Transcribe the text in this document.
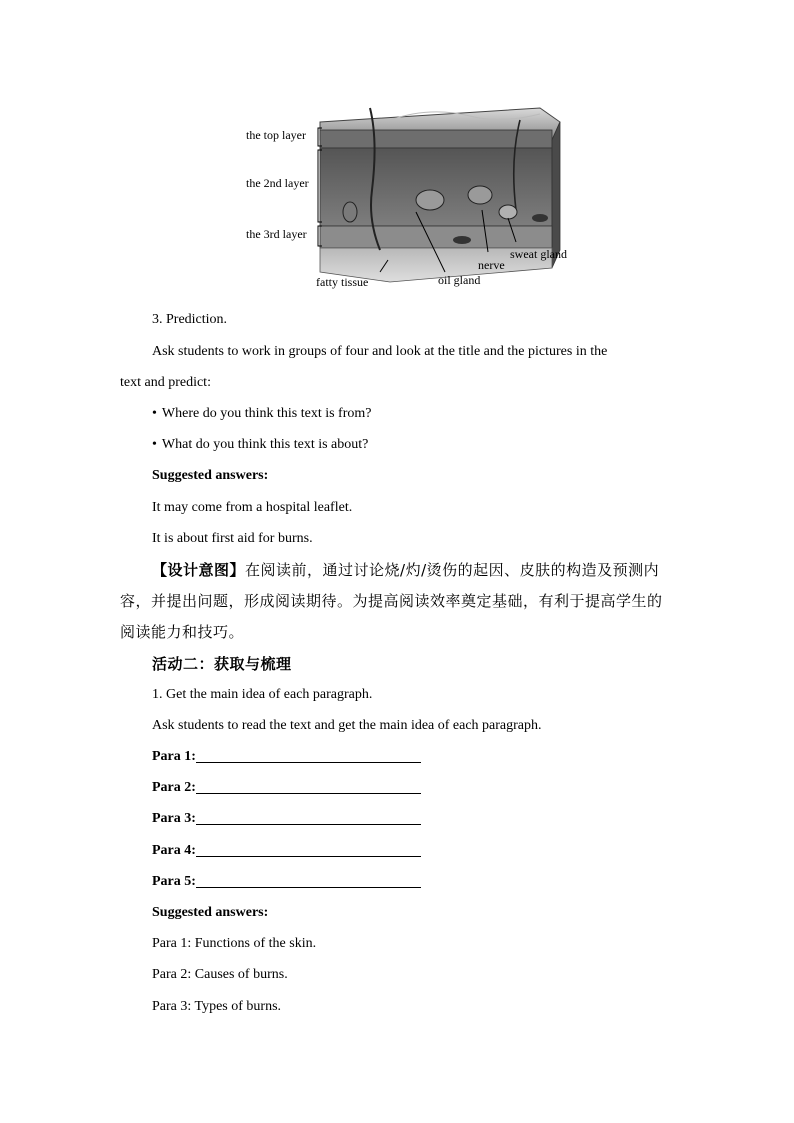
the top layer
the 2nd layer
the 3rd layer
fatty tissue	oil gland
nerve
sweat gland
3. Prediction.
Ask students to work in groups of four and look at the title and the pictures in the
text and predict:
• Where do you think this text is from?
• What do you think this text is about?
Suggested answers:
It may come from a hospital leaflet.
It is about first aid for burns.
【设计意图】在阅读前，通过讨论烧/灼/烫伤的起因、皮肤的构造及预测内
容，并提出问题，形成阅读期待。为提高阅读效率奠定基础，有利于提高学生的
阅读能力和技巧。
活动二：获取与梳理
1. Get the main idea of each paragraph.
Ask students to read the text and get the main idea of each paragraph.
Para 1:
Para 2:
Para 3:
Para 4:
Para 5:
Suggested answers:
Para 1: Functions of the skin.
Para 2: Causes of burns.
Para 3: Types of burns.
